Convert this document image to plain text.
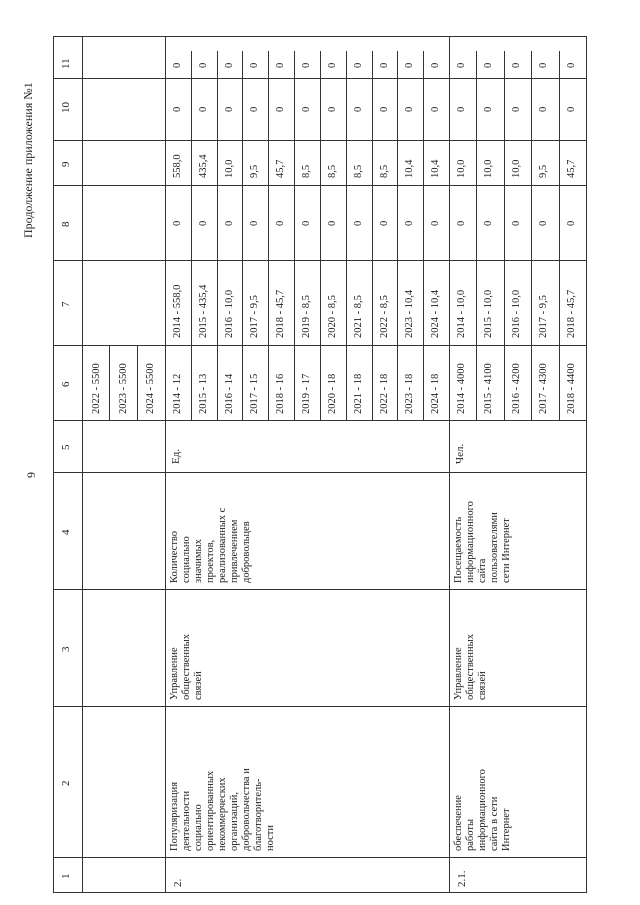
9
Продолжение приложения №1
1
2
3
4
5
6
7
8
9
10
11
2022 - 5500 2023 - 5500 2024 - 5500
2.
Популяризация деятельности социально ориентированных некоммерческих организаций, добровольчества и благотворитель- ности
Управление общественных связей
Количество социально значимых проектов, реализованных с привлечением добровольцев
Ед.
2014 - 12
2014 - 558,0
0
558,0
0
0
2015 - 13
2015 - 435,4
0
435,4
0
0
2016 - 14
2016 - 10,0
0
10,0
0
0
2017 - 15
2017 - 9,5
0
9,5
0
0
2018 - 16
2018 - 45,7
0
45,7
0
0
2019 - 17
2019 - 8,5
0
8,5
0
0
2020 - 18
2020 - 8,5
0
8,5
0
0
2021 - 18
2021 - 8,5
0
8,5
0
0
2022 - 18
2022 - 8,5
0
8,5
0
0
2023 - 18
2023 - 10,4
0
10,4
0
0
2024 - 18
2024 - 10,4
0
10,4
0
0
2.1.
обеспечение работы информационного сайта в сети Интернет
Управление общественных связей
Посещаемость информационного сайта пользователями сети Интернет
Чел.
2014 - 4000
2014 - 10,0
0
10,0
0
0
2015 - 4100
2015 - 10,0
0
10,0
0
0
2016 - 4200
2016 - 10,0
0
10,0
0
0
2017 - 4300
2017 - 9,5
0
9,5
0
0
2018 - 4400
2018 - 45,7
0
45,7
0
0
